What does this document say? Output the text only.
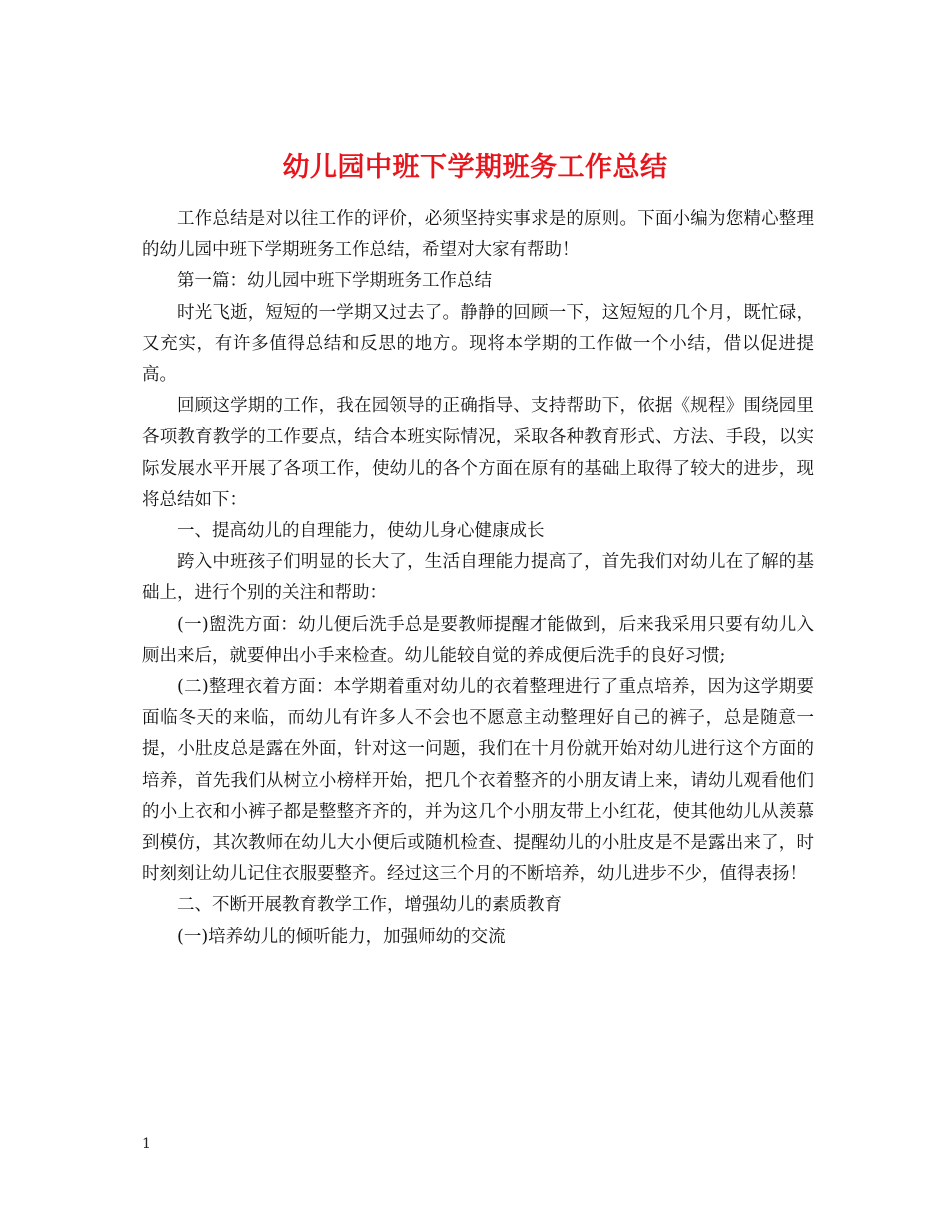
幼儿园中班下学期班务工作总结

工作总结是对以往工作的评价，必须坚持实事求是的原则。下面小编为您精心整理的幼儿园中班下学期班务工作总结，希望对大家有帮助！

第一篇：幼儿园中班下学期班务工作总结

时光飞逝，短短的一学期又过去了。静静的回顾一下，这短短的几个月，既忙碌，又充实，有许多值得总结和反思的地方。现将本学期的工作做一个小结，借以促进提高。

回顾这学期的工作，我在园领导的正确指导、支持帮助下，依据《规程》围绕园里各项教育教学的工作要点，结合本班实际情况，采取各种教育形式、方法、手段，以实际发展水平开展了各项工作，使幼儿的各个方面在原有的基础上取得了较大的进步，现将总结如下：

一、提高幼儿的自理能力，使幼儿身心健康成长

跨入中班孩子们明显的长大了，生活自理能力提高了，首先我们对幼儿在了解的基础上，进行个别的关注和帮助：

(一)盥洗方面：幼儿便后洗手总是要教师提醒才能做到，后来我采用只要有幼儿入厕出来后，就要伸出小手来检查。幼儿能较自觉的养成便后洗手的良好习惯;

(二)整理衣着方面：本学期着重对幼儿的衣着整理进行了重点培养，因为这学期要面临冬天的来临，而幼儿有许多人不会也不愿意主动整理好自己的裤子，总是随意一提，小肚皮总是露在外面，针对这一问题，我们在十月份就开始对幼儿进行这个方面的培养，首先我们从树立小榜样开始，把几个衣着整齐的小朋友请上来，请幼儿观看他们的小上衣和小裤子都是整整齐齐的，并为这几个小朋友带上小红花，使其他幼儿从羡慕到模仿，其次教师在幼儿大小便后或随机检查、提醒幼儿的小肚皮是不是露出来了，时时刻刻让幼儿记住衣服要整齐。经过这三个月的不断培养，幼儿进步不少，值得表扬！

二、不断开展教育教学工作，增强幼儿的素质教育

(一)培养幼儿的倾听能力，加强师幼的交流

1
